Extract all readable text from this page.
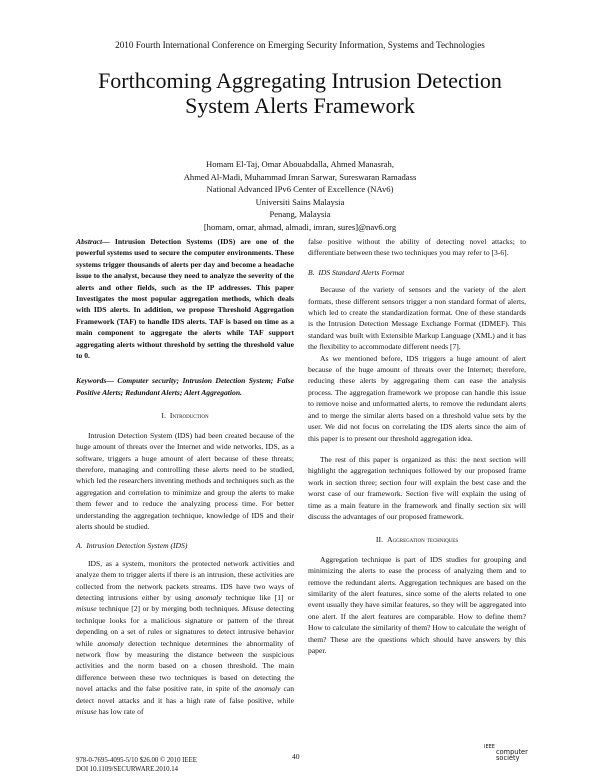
2010 Fourth International Conference on Emerging Security Information, Systems and Technologies
Forthcoming Aggregating Intrusion Detection
System Alerts Framework
Homam El-Taj, Omar Abouabdalla, Ahmed Manasrah,
Ahmed Al-Madi, Muhammad Imran Sarwar, Sureswaran Ramadass
National Advanced IPv6 Center of Excellence (NAv6)
Universiti Sains Malaysia
Penang, Malaysia
[homam, omar, ahmad, almadi, imran, sures]@nav6.org

Abstract— Intrusion Detection Systems (IDS) are one of the powerful systems used to secure the computer environments. These systems trigger thousands of alerts per day and become a headache issue to the analyst, because they need to analyze the severity of the alerts and other fields, such as the IP addresses. This paper Investigates the most popular aggregation methods, which deals with IDS alerts. In addition, we propose Threshold Aggregation Framework (TAF) to handle IDS alerts. TAF is based on time as a main component to aggregate the alerts while TAF support aggregating alerts without threshold by setting the threshold value to 0.

Keywords— Computer security; Intrusion Detection System; False Positive Alerts; Redundant Alerts; Alert Aggregation.

I. Introduction

Intrusion Detection System (IDS) had been created because of the huge amount of threats over the Internet and wide networks, IDS, as a software, triggers a huge amount of alert because of these threats; therefore, managing and controlling these alerts need to be studied, which led the researchers inventing methods and techniques such as the aggregation and correlation to minimize and group the alerts to make them fewer and to reduce the analyzing process time. For better understanding the aggregation technique, knowledge of IDS and their alerts should be studied.

A. Intrusion Detection System (IDS)

IDS, as a system, monitors the protected network activities and analyze them to trigger alerts if there is an intrusion, these activities are collected from the network packets streams. IDS have two ways of detecting intrusions either by using anomaly technique like [1] or misuse technique [2] or by merging both techniques. Misuse detecting technique looks for a malicious signature or pattern of the threat depending on a set of rules or signatures to detect intrusive behavior while anomaly detection technique determines the abnormality of network flow by measuring the distance between the suspicious activities and the norm based on a chosen threshold. The main difference between these two techniques is based on detecting the novel attacks and the false positive rate, in spite of the anomaly can detect novel attacks and it has a high rate of false positive, while misuse has low rate of

false positive without the ability of detecting novel attacks; to differentiate between these two techniques you may refer to [3-6].

B. IDS Standard Alerts Format

Because of the variety of sensors and the variety of the alert formats, these different sensors trigger a non standard format of alerts, which led to create the standardization format. One of these standards is the Intrusion Detection Message Exchange Format (IDMEF). This standard was built with Extensible Markup Language (XML) and it has the flexibility to accommodate different needs [7].

As we mentioned before, IDS triggers a huge amount of alert because of the huge amount of threats over the Internet; therefore, reducing these alerts by aggregating them can ease the analysis process. The aggregation framework we propose can handle this issue to remove noise and unformatted alerts, to remove the redundant alerts and to merge the similar alerts based on a threshold value sets by the user. We did not focus on correlating the IDS alerts since the aim of this paper is to present our threshold aggregation idea.

The rest of this paper is organized as this: the next section will highlight the aggregation techniques followed by our proposed frame work in section three; section four will explain the best case and the worst case of our framework. Section five will explain the using of time as a main feature in the framework and finally section six will discuss the advantages of our proposed framework.

II. Aggregation techniques

Aggregation technique is part of IDS studies for grouping and minimizing the alerts to ease the process of analyzing them and to remove the redundant alerts. Aggregation techniques are based on the similarity of the alert features, since some of the alerts related to one event usually they have similar features, so they will be aggregated into one alert. If the alert features are comparable. How to define them? How to calculate the similarity of them? How to calculate the weight of them? These are the questions which should have answers by this paper.

978-0-7695-4095-5/10 $26.00 © 2010 IEEE
DOI 10.1109/SECURWARE.2010.14
40
IEEE
computer
society
